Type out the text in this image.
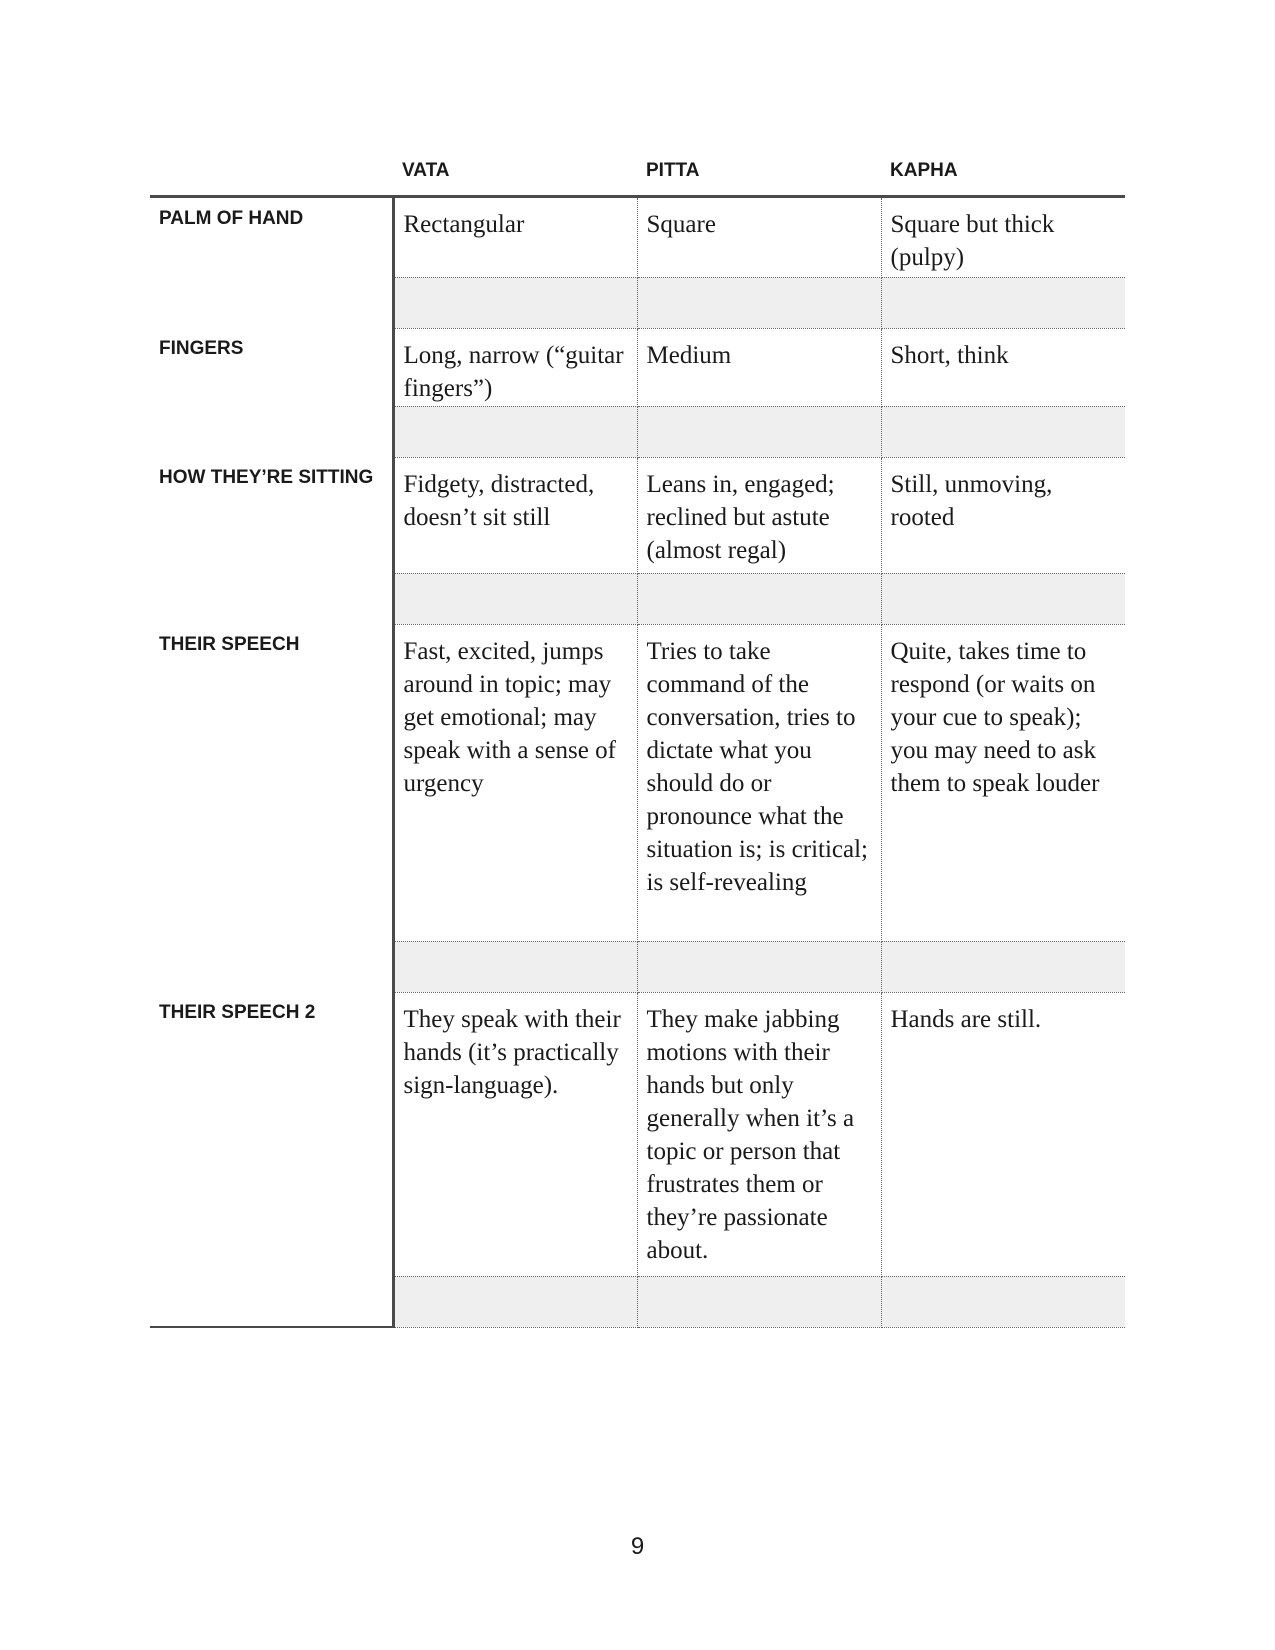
	VATA	PITTA	KAPHA
PALM OF HAND	Rectangular	Square	Square but thick (pulpy)

FINGERS	Long, narrow (“guitar fingers”)	Medium	Short, think

HOW THEY’RE SITTING	Fidgety, distracted, doesn’t sit still	Leans in, engaged; reclined but astute (almost regal)	Still, unmoving, rooted

THEIR SPEECH	Fast, excited, jumps around in topic; may get emotional; may speak with a sense of urgency	Tries to take command of the conversation, tries to dictate what you should do or pronounce what the situation is; is critical; is self-revealing	Quite, takes time to respond (or waits on your cue to speak); you may need to ask them to speak louder

THEIR SPEECH 2	They speak with their hands (it’s practically sign-language).	They make jabbing motions with their hands but only generally when it’s a topic or person that frustrates them or they’re passionate about.	Hands are still.

9
